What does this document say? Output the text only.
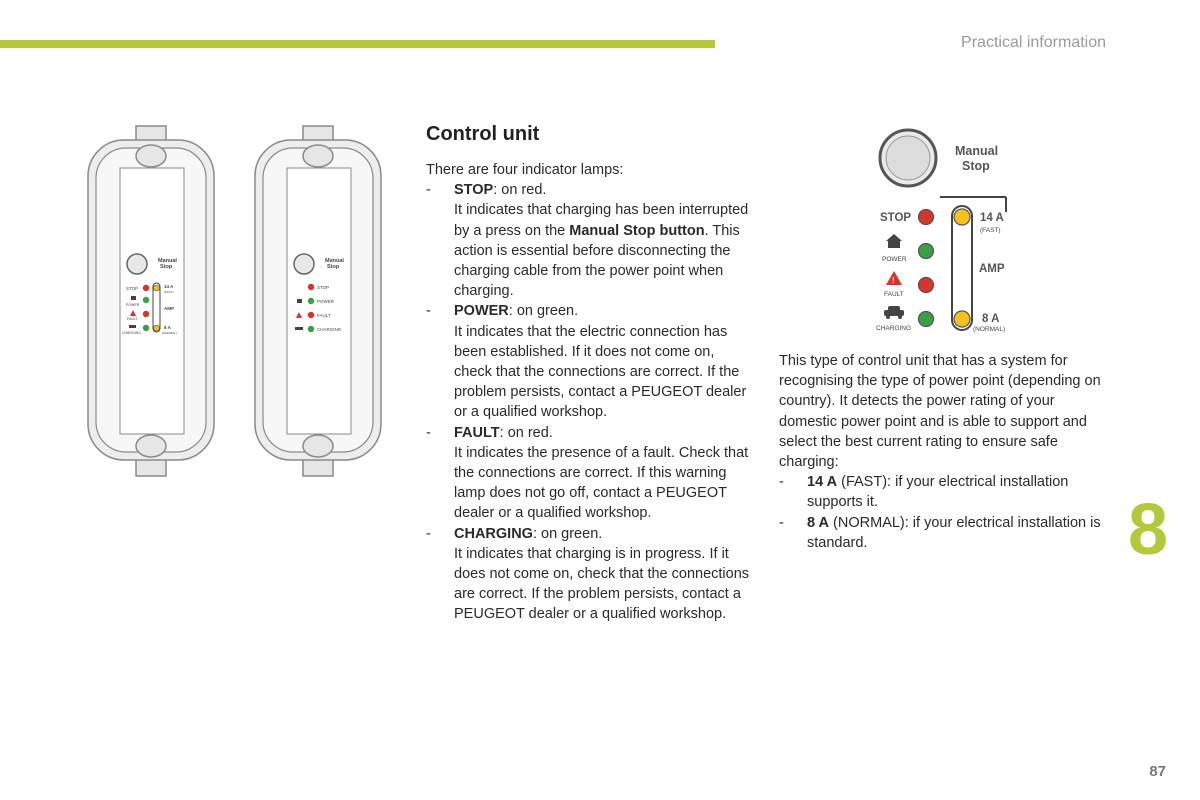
Practical information
Manual
Stop
STOP
POWER
FAULT
CHARGING
14 A
(FAST)
AMP
8 A
(NORMAL)
Manual
Stop
STOP
POWER
FAULT
CHARGING
Control unit

There are four indicator lamps:

- STOP: on red.
It indicates that charging has been interrupted by a press on the Manual Stop button. This action is essential before disconnecting the charging cable from the power point when charging.
- POWER: on green.
It indicates that the electric connection has been established. If it does not come on, check that the connections are correct. If the problem persists, contact a PEUGEOT dealer or a qualified workshop.
- FAULT: on red.
It indicates the presence of a fault. Check that the connections are correct. If this warning lamp does not go off, contact a PEUGEOT dealer or a qualified workshop.
- CHARGING: on green.
It indicates that charging is in progress. If it does not come on, check that the connections are correct. If the problem persists, contact a PEUGEOT dealer or a qualified workshop.
Manual
Stop
STOP
POWER
!
FAULT
CHARGING
14 A
(FAST)
AMP
8 A
(NORMAL)

This type of control unit that has a system for recognising the type of power point (depending on country). It detects the power rating of your domestic power point and is able to support and select the best current rating to ensure safe charging:

- 14 A (FAST): if your electrical installation supports it.
- 8 A (NORMAL): if your electrical installation is standard.	8
87
